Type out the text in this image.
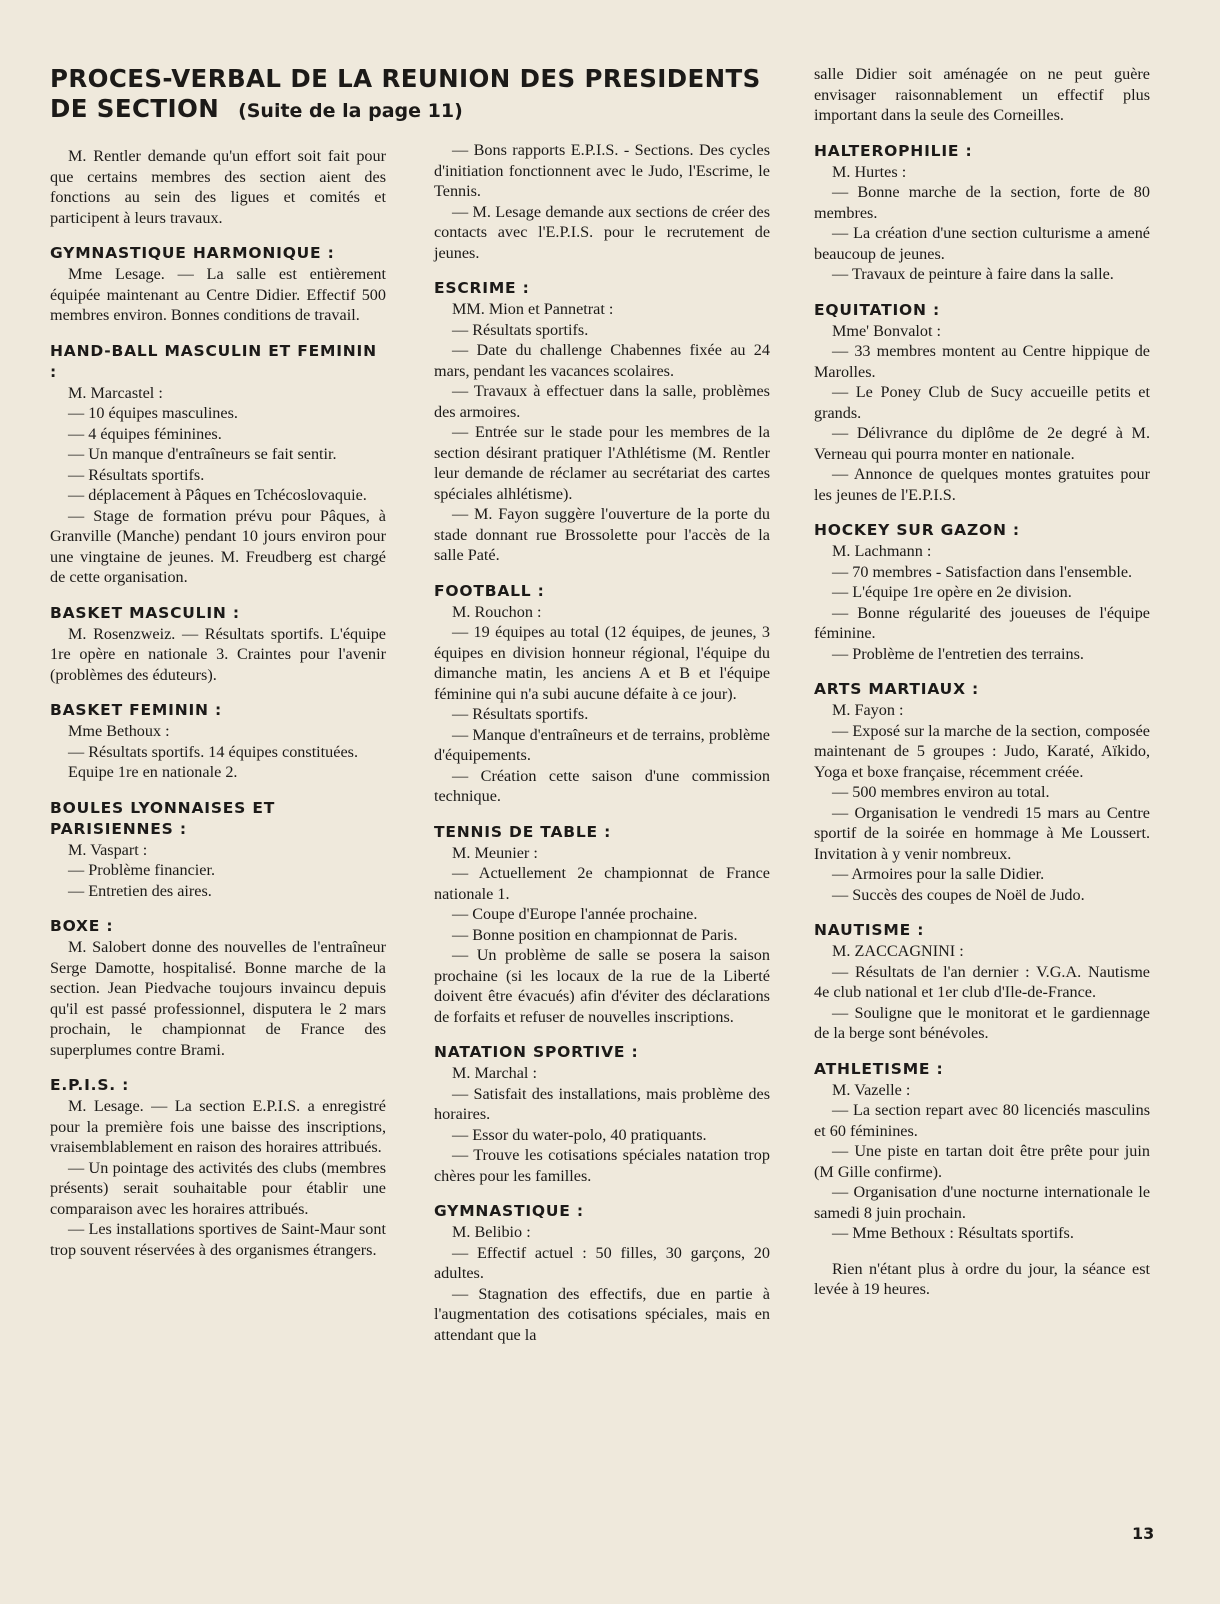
PROCES-VERBAL DE LA REUNION DES PRESIDENTS DE SECTION (Suite de la page 11)

M. Rentler demande qu'un effort soit fait pour que certains membres des section aient des fonctions au sein des ligues et comités et participent à leurs travaux.

GYMNASTIQUE HARMONIQUE :

Mme Lesage. — La salle est entièrement équipée maintenant au Centre Didier. Effectif 500 membres environ. Bonnes conditions de travail.

HAND-BALL MASCULIN ET FEMININ :

M. Marcastel :

— 10 équipes masculines.

— 4 équipes féminines.

— Un manque d'entraîneurs se fait sentir.

— Résultats sportifs.

— déplacement à Pâques en Tchécoslovaquie.

— Stage de formation prévu pour Pâques, à Granville (Manche) pendant 10 jours environ pour une vingtaine de jeunes. M. Freudberg est chargé de cette organisation.

BASKET MASCULIN :

M. Rosenzweiz. — Résultats sportifs. L'équipe 1re opère en nationale 3. Craintes pour l'avenir (problèmes des éduteurs).

BASKET FEMININ :

Mme Bethoux :

— Résultats sportifs. 14 équipes constituées.

Equipe 1re en nationale 2.

BOULES LYONNAISES ET PARISIENNES :

M. Vaspart :

— Problème financier.

— Entretien des aires.

BOXE :

M. Salobert donne des nouvelles de l'entraîneur Serge Damotte, hospitalisé. Bonne marche de la section. Jean Piedvache toujours invaincu depuis qu'il est passé professionnel, disputera le 2 mars prochain, le championnat de France des superplumes contre Brami.

E.P.I.S. :

M. Lesage. — La section E.P.I.S. a enregistré pour la première fois une baisse des inscriptions, vraisemblablement en raison des horaires attribués.

— Un pointage des activités des clubs (membres présents) serait souhaitable pour établir une comparaison avec les horaires attribués.

— Les installations sportives de Saint-Maur sont trop souvent réservées à des organismes étrangers.

— Bons rapports E.P.I.S. - Sections. Des cycles d'initiation fonctionnent avec le Judo, l'Escrime, le Tennis.

— M. Lesage demande aux sections de créer des contacts avec l'E.P.I.S. pour le recrutement de jeunes.

ESCRIME :

MM. Mion et Pannetrat :

— Résultats sportifs.

— Date du challenge Chabennes fixée au 24 mars, pendant les vacances scolaires.

— Travaux à effectuer dans la salle, problèmes des armoires.

— Entrée sur le stade pour les membres de la section désirant pratiquer l'Athlétisme (M. Rentler leur demande de réclamer au secrétariat des cartes spéciales alhlétisme).

— M. Fayon suggère l'ouverture de la porte du stade donnant rue Brossolette pour l'accès de la salle Paté.

FOOTBALL :

M. Rouchon :

— 19 équipes au total (12 équipes, de jeunes, 3 équipes en division honneur régional, l'équipe du dimanche matin, les anciens A et B et l'équipe féminine qui n'a subi aucune défaite à ce jour).

— Résultats sportifs.

— Manque d'entraîneurs et de terrains, problème d'équipements.

— Création cette saison d'une commission technique.

TENNIS DE TABLE :

M. Meunier :

— Actuellement 2e championnat de France nationale 1.

— Coupe d'Europe l'année prochaine.

— Bonne position en championnat de Paris.

— Un problème de salle se posera la saison prochaine (si les locaux de la rue de la Liberté doivent être évacués) afin d'éviter des déclarations de forfaits et refuser de nouvelles inscriptions.

NATATION SPORTIVE :

M. Marchal :

— Satisfait des installations, mais problème des horaires.

— Essor du water-polo, 40 pratiquants.

— Trouve les cotisations spéciales natation trop chères pour les familles.

GYMNASTIQUE :

M. Belibio :

— Effectif actuel : 50 filles, 30 garçons, 20 adultes.

— Stagnation des effectifs, due en partie à l'augmentation des cotisations spéciales, mais en attendant que la

salle Didier soit aménagée on ne peut guère envisager raisonnablement un effectif plus important dans la seule des Corneilles.

HALTEROPHILIE :

M. Hurtes :

— Bonne marche de la section, forte de 80 membres.

— La création d'une section culturisme a amené beaucoup de jeunes.

— Travaux de peinture à faire dans la salle.

EQUITATION :

Mme' Bonvalot :

— 33 membres montent au Centre hippique de Marolles.

— Le Poney Club de Sucy accueille petits et grands.

— Délivrance du diplôme de 2e degré à M. Verneau qui pourra monter en nationale.

— Annonce de quelques montes gratuites pour les jeunes de l'E.P.I.S.

HOCKEY SUR GAZON :

M. Lachmann :

— 70 membres - Satisfaction dans l'ensemble.

— L'équipe 1re opère en 2e division.

— Bonne régularité des joueuses de l'équipe féminine.

— Problème de l'entretien des terrains.

ARTS MARTIAUX :

M. Fayon :

— Exposé sur la marche de la section, composée maintenant de 5 groupes : Judo, Karaté, Aïkido, Yoga et boxe française, récemment créée.

— 500 membres environ au total.

— Organisation le vendredi 15 mars au Centre sportif de la soirée en hommage à Me Loussert. Invitation à y venir nombreux.

— Armoires pour la salle Didier.

— Succès des coupes de Noël de Judo.

NAUTISME :

M. ZACCAGNINI :

— Résultats de l'an dernier : V.G.A. Nautisme 4e club national et 1er club d'Ile-de-France.

— Souligne que le monitorat et le gardiennage de la berge sont bénévoles.

ATHLETISME :

M. Vazelle :

— La section repart avec 80 licenciés masculins et 60 féminines.

— Une piste en tartan doit être prête pour juin (M Gille confirme).

— Organisation d'une nocturne internationale le samedi 8 juin prochain.

— Mme Bethoux : Résultats sportifs.

Rien n'étant plus à ordre du jour, la séance est levée à 19 heures.

13
